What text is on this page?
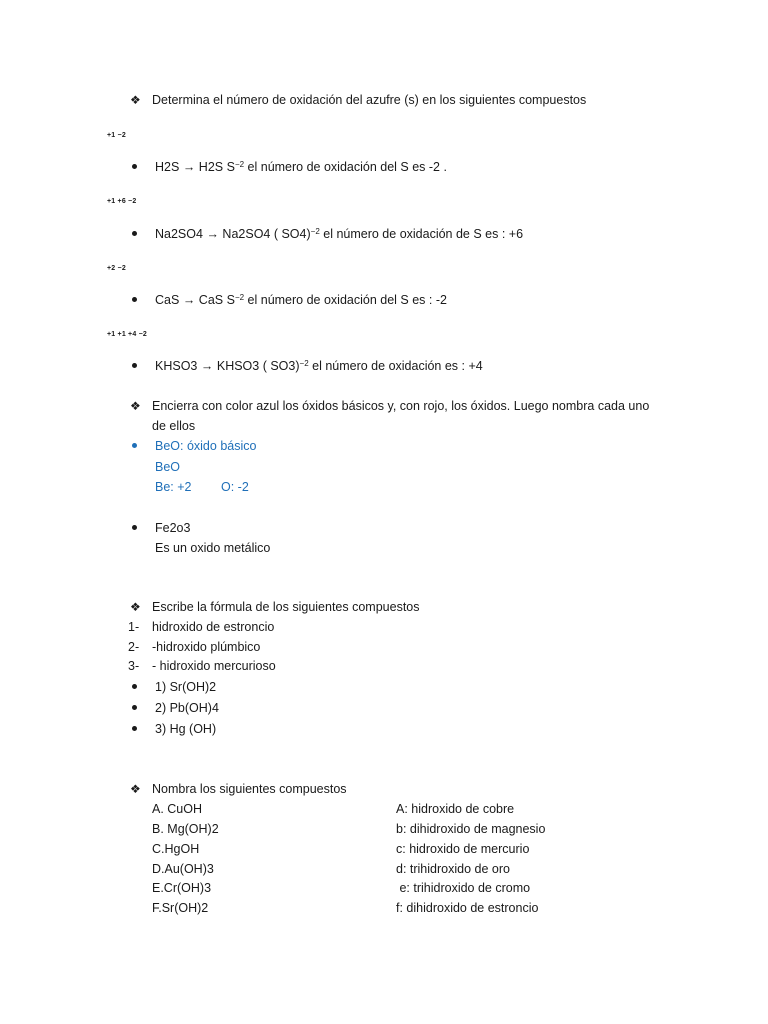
❖ Determina el número de oxidación del azufre (s) en los siguientes compuestos
+1 −2
H2S → H2S $S^{-2}$ el número de oxidación del S es -2 .
+1 +6 −2
Na2SO4 → Na2SO4 ( SO4)$^{-2}$ el número de oxidación de S es : +6
+2 −2
CaS → CaS $S^{-2}$ el número de oxidación del S es : -2
+1 +1 +4 −2
KHSO3 → KHSO3 ( SO3)$^{-2}$ el número de oxidación es : +4
❖ Encierra con color azul los óxidos básicos y, con rojo, los óxidos. Luego nombra cada uno
de ellos
BeO: óxido básico
BeO
Be: +2 O: -2
Fe2o3
Es un oxido metálico
❖ Escribe la fórmula de los siguientes compuestos
1- hidroxido de estroncio
2- -hidroxido plúmbico
3- - hidroxido mercurioso
1) Sr(OH)2
2) Pb(OH)4
3) Hg (OH)
❖ Nombra los siguientes compuestos
A. CuOH	A: hidroxido de cobre
B. Mg(OH)2	b: dihidroxido de magnesio
C.HgOH	c: hidroxido de mercurio
D.Au(OH)3	d: trihidroxido de oro
E.Cr(OH)3	e: trihidroxido de cromo
F.Sr(OH)2	f: dihidroxido de estroncio
